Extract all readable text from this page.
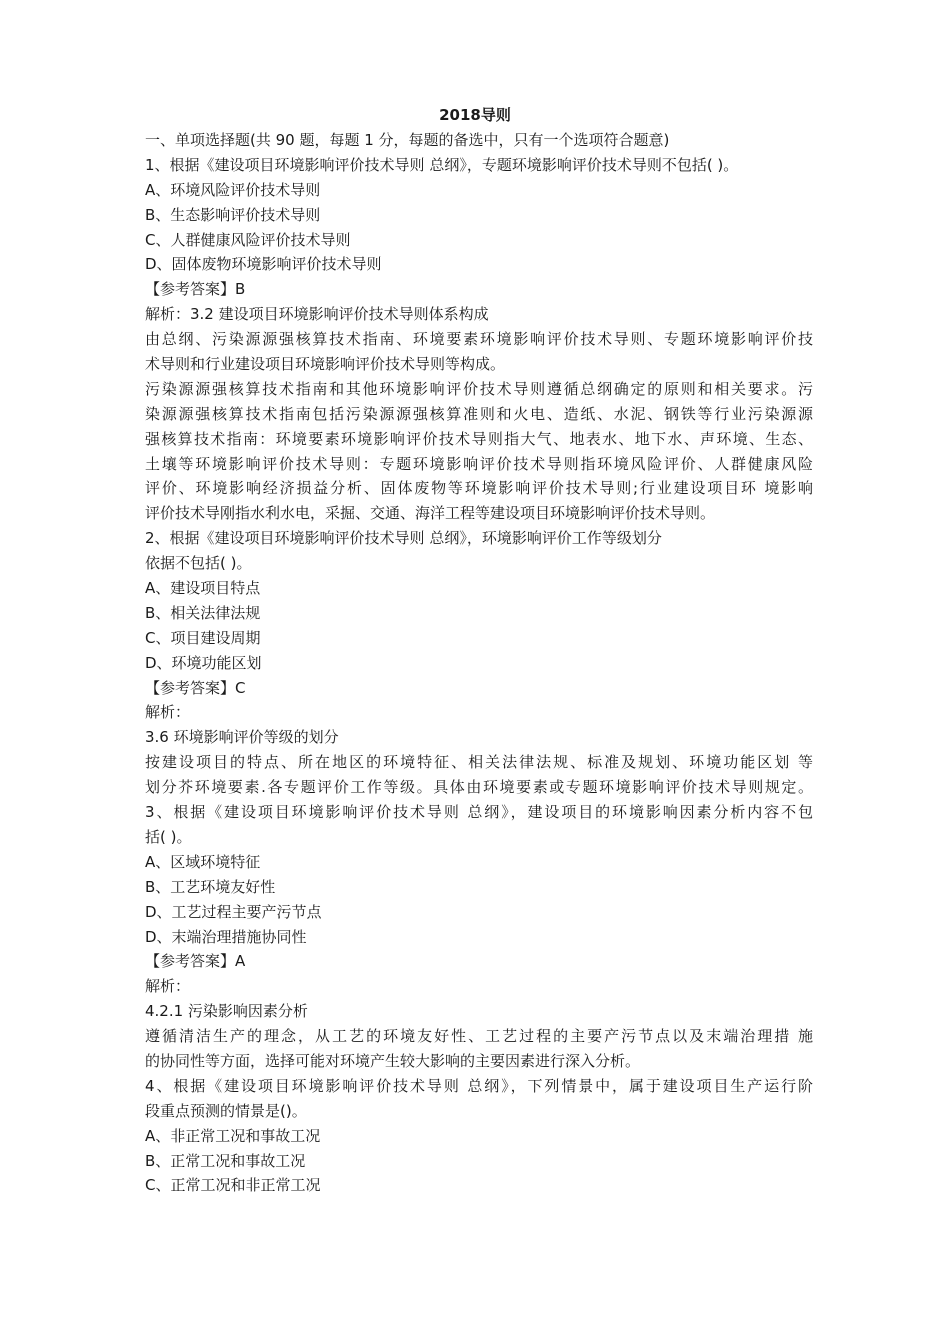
2018导则
一、单项选择题(共 90 题，每题 1 分，每题的备选中，只有一个选项符合题意)
1、根据《建设项目环境影响评价技术导则 总纲》，专题环境影响评价技术导则不包括( )。
A、环境风险评价技术导则
B、生态影响评价技术导则
C、人群健康风险评价技术导则
D、固体废物环境影响评价技术导则
【参考答案】B
解析：3.2 建设项目环境影响评价技术导则体系构成
由总纲、污染源源强核算技术指南、环境要素环境影响评价技术导则、专题环境影响评价技
术导则和行业建设项目环境影响评价技术导则等构成。
污染源源强核算技术指南和其他环境影响评价技术导则遵循总纲确定的原则和相关要求。污
染源源强核算技术指南包括污染源源强核算准则和火电、造纸、水泥、钢铁等行业污染源源
强核算技术指南：环境要素环境影响评价技术导则指大气、地表水、地下水、声环境、生态、
土壤等环境影响评价技术导则：专题环境影响评价技术导则指环境风险评价、人群健康风险
评价、环境影响经济损益分析、固体废物等环境影响评价技术导则;行业建设项目环 境影响
评价技术导刚指水利水电，采掘、交通、海洋工程等建设项目环境影响评价技术导则。
2、根据《建设项目环境影响评价技术导则 总纲》，环境影响评价工作等级划分
依据不包括( )。
A、建设项目特点
B、相关法律法规
C、项目建设周期
D、环境功能区划
【参考答案】C
解析：
3.6 环境影响评价等级的划分
按建设项目的特点、所在地区的环境特征、相关法律法规、标准及规划、环境功能区划 等
划分芥环境要素.各专题评价工作等级。具体由环境要素或专题环境影响评价技术导则规定。
3、根据《建设项目环境影响评价技术导则 总纲》，建设项目的环境影响因素分析内容不包
括( )。
A、区域环境特征
B、工艺环境友好性
D、工艺过程主要产污节点
D、末端治理措施协同性
【参考答案】A
解析：
4.2.1 污染影响因素分析
遵循清洁生产的理念，从工艺的环境友好性、工艺过程的主要产污节点以及末端治理措 施
的协同性等方面，选择可能对环境产生较大影响的主要因素进行深入分析。
4、根据《建设项目环境影响评价技术导则 总纲》，下列情景中，属于建设项目生产运行阶
段重点预测的情景是()。
A、非正常工况和事故工况
B、正常工况和事故工况
C、正常工况和非正常工况
